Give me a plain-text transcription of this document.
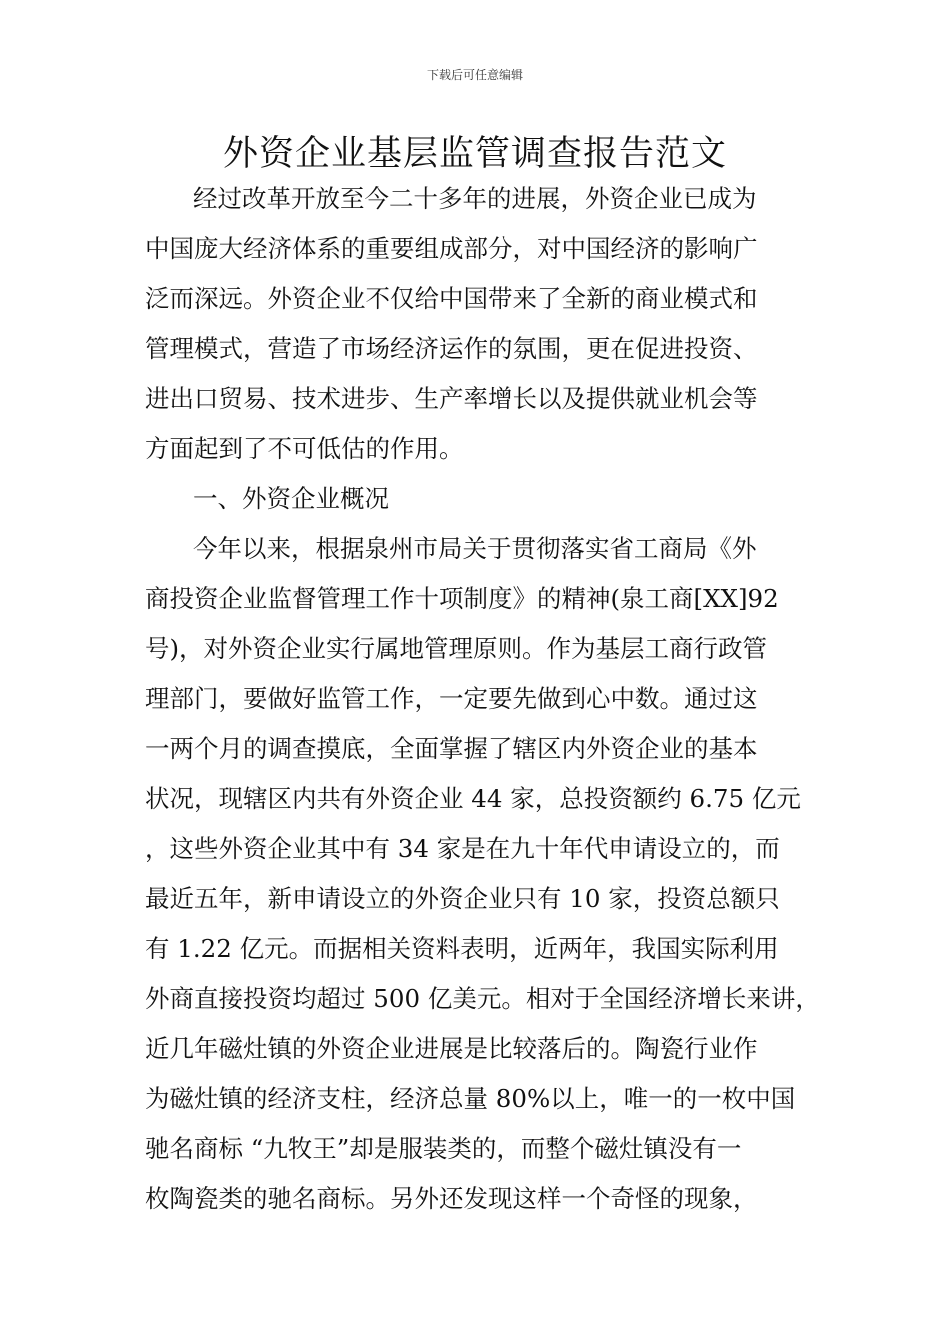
下载后可任意编辑
外资企业基层监管调查报告范文
经过改革开放至今二十多年的进展，外资企业已成为
中国庞大经济体系的重要组成部分，对中国经济的影响广
泛而深远。外资企业不仅给中国带来了全新的商业模式和
管理模式，营造了市场经济运作的氛围，更在促进投资、
进出口贸易、技术进步、生产率增长以及提供就业机会等
方面起到了不可低估的作用。
一、外资企业概况
今年以来，根据泉州市局关于贯彻落实省工商局《外
商投资企业监督管理工作十项制度》的精神(泉工商[XX]92
号)，对外资企业实行属地管理原则。作为基层工商行政管
理部门，要做好监管工作，一定要先做到心中数。通过这
一两个月的调查摸底，全面掌握了辖区内外资企业的基本
状况，现辖区内共有外资企业 44 家，总投资额约 6.75 亿元
，这些外资企业其中有 34 家是在九十年代申请设立的，而
最近五年，新申请设立的外资企业只有 10 家，投资总额只
有 1.22 亿元。而据相关资料表明，近两年，我国实际利用
外商直接投资均超过 500 亿美元。相对于全国经济增长来讲，
近几年磁灶镇的外资企业进展是比较落后的。陶瓷行业作
为磁灶镇的经济支柱，经济总量 80%以上，唯一的一枚中国
驰名商标 “九牧王”却是服装类的，而整个磁灶镇没有一
枚陶瓷类的驰名商标。另外还发现这样一个奇怪的现象，
